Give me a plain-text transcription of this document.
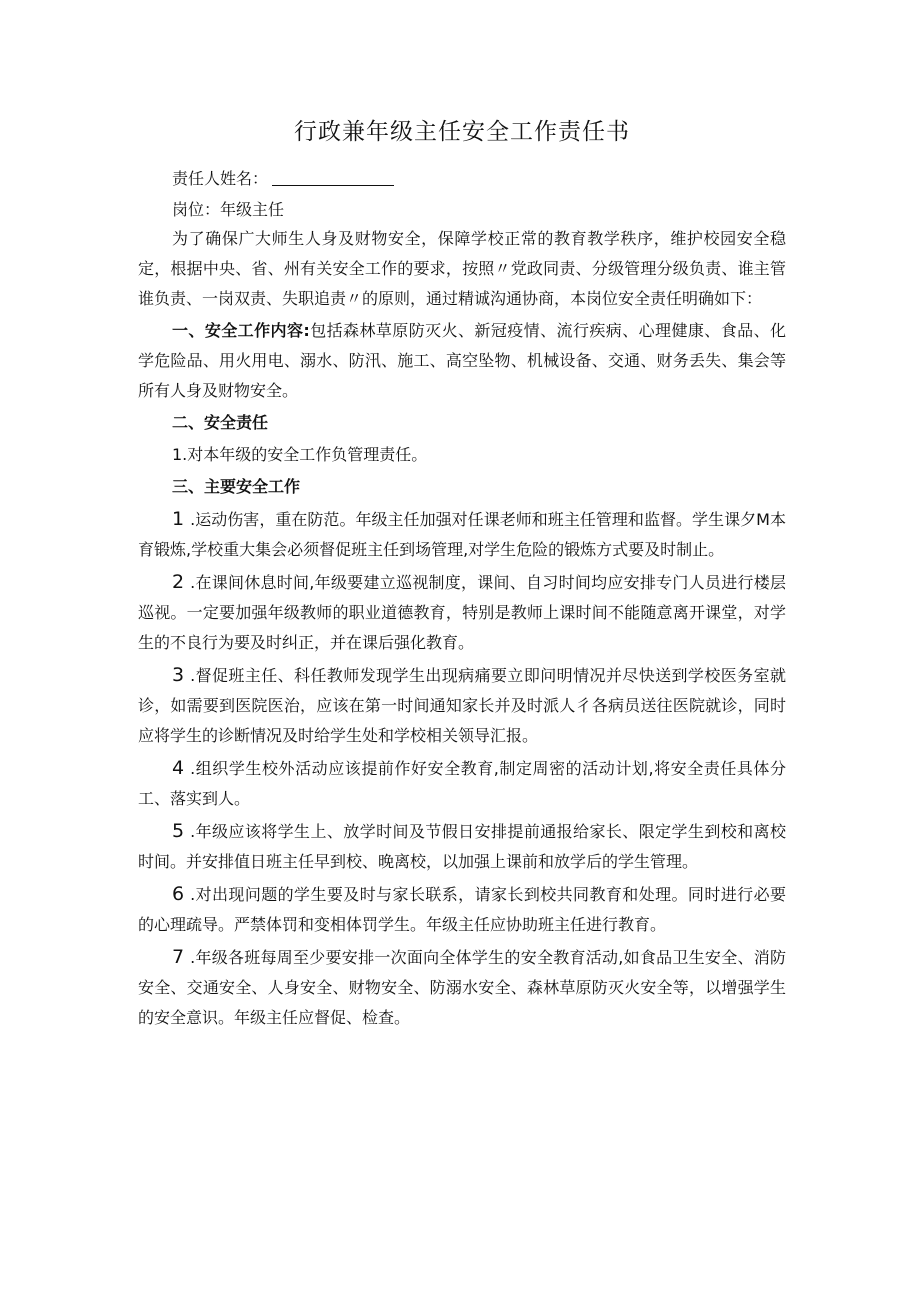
行政兼年级主任安全工作责任书

责任人姓名：

岗位：年级主任

为了确保广大师生人身及财物安全，保障学校正常的教育教学秩序，维护校园安全稳定，根据中央、省、州有关安全工作的要求，按照〃党政同责、分级管理分级负责、谁主管谁负责、一岗双责、失职追责〃的原则，通过精诚沟通协商，本岗位安全责任明确如下：

一、安全工作内容:包括森林草原防灭火、新冠疫情、流行疾病、心理健康、食品、化学危险品、用火用电、溺水、防汛、施工、高空坠物、机械设备、交通、财务丢失、集会等所有人身及财物安全。

二、安全责任

1.对本年级的安全工作负管理责任。

三、主要安全工作

1.运动伤害，重在防范。年级主任加强对任课老师和班主任管理和监督。学生课夕M本育锻炼,学校重大集会必须督促班主任到场管理,对学生危险的锻炼方式要及时制止。

2.在课间休息时间,年级要建立巡视制度，课间、自习时间均应安排专门人员进行楼层巡视。一定要加强年级教师的职业道德教育，特别是教师上课时间不能随意离开课堂，对学生的不良行为要及时纠正，并在课后强化教育。

3.督促班主任、科任教师发现学生出现病痛要立即问明情况并尽快送到学校医务室就诊，如需要到医院医治，应该在第一时间通知家长并及时派人彳各病员送往医院就诊，同时应将学生的诊断情况及时给学生处和学校相关领导汇报。

4.组织学生校外活动应该提前作好安全教育,制定周密的活动计划,将安全责任具体分工、落实到人。

5.年级应该将学生上、放学时间及节假日安排提前通报给家长、限定学生到校和离校时间。并安排值日班主任早到校、晚离校，以加强上课前和放学后的学生管理。

6.对出现问题的学生要及时与家长联系，请家长到校共同教育和处理。同时进行必要的心理疏导。严禁体罚和变相体罚学生。年级主任应协助班主任进行教育。

7.年级各班每周至少要安排一次面向全体学生的安全教育活动,如食品卫生安全、消防安全、交通安全、人身安全、财物安全、防溺水安全、森林草原防灭火安全等，以增强学生的安全意识。年级主任应督促、检查。
